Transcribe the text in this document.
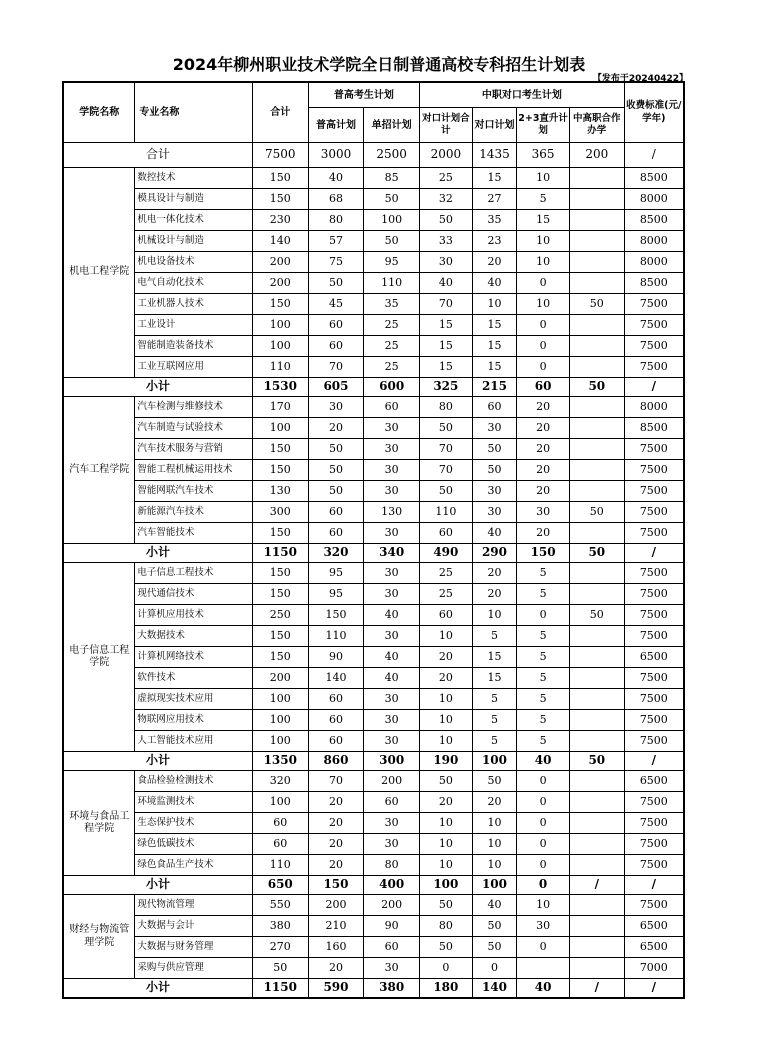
2024年柳州职业技术学院全日制普通高校专科招生计划表
【发布于20240422】
学院名称	专业名称	合计	普高考生计划		中职对口考生计划				收费标准(元/学年)
			普高计划	单招计划	对口计划合计	对口计划	2+3直升计划	中高职合作办学	
合计		7500	3000	2500	2000	1435	365	200	/
机电工程学院	数控技术	150	40	85	25	15	10		8500
	模具设计与制造	150	68	50	32	27	5		8000
	机电一体化技术	230	80	100	50	35	15		8500
	机械设计与制造	140	57	50	33	23	10		8000
	机电设备技术	200	75	95	30	20	10		8000
	电气自动化技术	200	50	110	40	40	0		8500
	工业机器人技术	150	45	35	70	10	10	50	7500
	工业设计	100	60	25	15	15	0		7500
	智能制造装备技术	100	60	25	15	15	0		7500
	工业互联网应用	110	70	25	15	15	0		7500
小计		1530	605	600	325	215	60	50	/
汽车工程学院	汽车检测与维修技术	170	30	60	80	60	20		8000
	汽车制造与试验技术	100	20	30	50	30	20		8500
	汽车技术服务与营销	150	50	30	70	50	20		7500
	智能工程机械运用技术	150	50	30	70	50	20		7500
	智能网联汽车技术	130	50	30	50	30	20		7500
	新能源汽车技术	300	60	130	110	30	30	50	7500
	汽车智能技术	150	60	30	60	40	20		7500
小计		1150	320	340	490	290	150	50	/
电子信息工程学院	电子信息工程技术	150	95	30	25	20	5		7500
	现代通信技术	150	95	30	25	20	5		7500
	计算机应用技术	250	150	40	60	10	0	50	7500
	大数据技术	150	110	30	10	5	5		7500
	计算机网络技术	150	90	40	20	15	5		6500
	软件技术	200	140	40	20	15	5		7500
	虚拟现实技术应用	100	60	30	10	5	5		7500
	物联网应用技术	100	60	30	10	5	5		7500
	人工智能技术应用	100	60	30	10	5	5		7500
小计		1350	860	300	190	100	40	50	/
环境与食品工程学院	食品检验检测技术	320	70	200	50	50	0		6500
	环境监测技术	100	20	60	20	20	0		7500
	生态保护技术	60	20	30	10	10	0		7500
	绿色低碳技术	60	20	30	10	10	0		7500
	绿色食品生产技术	110	20	80	10	10	0		7500
小计		650	150	400	100	100	0	/	/
财经与物流管理学院	现代物流管理	550	200	200	50	40	10		7500
	大数据与会计	380	210	90	80	50	30		6500
	大数据与财务管理	270	160	60	50	50	0		6500
	采购与供应管理	50	20	30	0	0			7000
小计		1150	590	380	180	140	40	/	/
